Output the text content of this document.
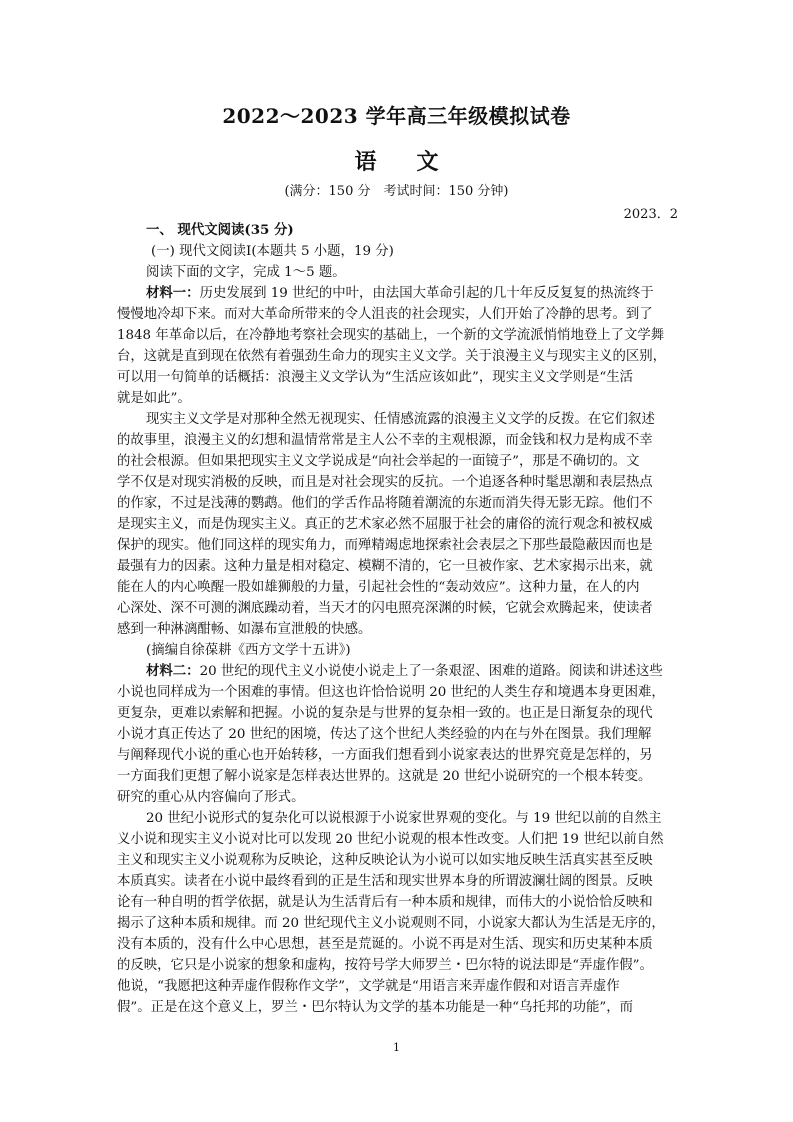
2022～2023 学年高三年级模拟试卷
语文
(满分：150 分　考试时间：150 分钟)
2023．2
一、 现代文阅读(35 分)
(一) 现代文阅读Ⅰ(本题共 5 小题，19 分)
阅读下面的文字，完成 1～5 题。
材料一：历史发展到 19 世纪的中叶，由法国大革命引起的几十年反反复复的热流终于
慢慢地冷却下来。而对大革命所带来的令人沮丧的社会现实，人们开始了冷静的思考。到了
1848 年革命以后，在冷静地考察社会现实的基础上，一个新的文学流派悄悄地登上了文学舞
台，这就是直到现在依然有着强劲生命力的现实主义文学。关于浪漫主义与现实主义的区别，
可以用一句简单的话概括：浪漫主义文学认为“生活应该如此”，现实主义文学则是“生活
就是如此”。
现实主义文学是对那种全然无视现实、任情感流露的浪漫主义文学的反拨。在它们叙述
的故事里，浪漫主义的幻想和温情常常是主人公不幸的主观根源，而金钱和权力是构成不幸
的社会根源。但如果把现实主义文学说成是“向社会举起的一面镜子”，那是不确切的。文
学不仅是对现实消极的反映，而且是对社会现实的反抗。一个追逐各种时髦思潮和表层热点
的作家，不过是浅薄的鹦鹉。他们的学舌作品将随着潮流的东逝而消失得无影无踪。他们不
是现实主义，而是伪现实主义。真正的艺术家必然不屈服于社会的庸俗的流行观念和被权威
保护的现实。他们同这样的现实角力，而殚精竭虑地探索社会表层之下那些最隐蔽因而也是
最强有力的因素。这种力量是相对稳定、模糊不清的，它一旦被作家、艺术家揭示出来，就
能在人的内心唤醒一股如雄狮般的力量，引起社会性的“轰动效应”。这种力量，在人的内
心深处、深不可测的渊底躁动着，当天才的闪电照亮深渊的时候，它就会欢腾起来，使读者
感到一种淋漓酣畅、如瀑布宣泄般的快感。
(摘编自徐葆耕《西方文学十五讲》)
材料二：20 世纪的现代主义小说使小说走上了一条艰涩、困难的道路。阅读和讲述这些
小说也同样成为一个困难的事情。但这也许恰恰说明 20 世纪的人类生存和境遇本身更困难，
更复杂，更难以索解和把握。小说的复杂是与世界的复杂相一致的。也正是日渐复杂的现代
小说才真正传达了 20 世纪的困境，传达了这个世纪人类经验的内在与外在图景。我们理解
与阐释现代小说的重心也开始转移，一方面我们想看到小说家表达的世界究竟是怎样的，另
一方面我们更想了解小说家是怎样表达世界的。这就是 20 世纪小说研究的一个根本转变。
研究的重心从内容偏向了形式。
20 世纪小说形式的复杂化可以说根源于小说家世界观的变化。与 19 世纪以前的自然主
义小说和现实主义小说对比可以发现 20 世纪小说观的根本性改变。人们把 19 世纪以前自然
主义和现实主义小说观称为反映论，这种反映论认为小说可以如实地反映生活真实甚至反映
本质真实。读者在小说中最终看到的正是生活和现实世界本身的所谓波澜壮阔的图景。反映
论有一种自明的哲学依据，就是认为生活背后有一种本质和规律，而伟大的小说恰恰反映和
揭示了这种本质和规律。而 20 世纪现代主义小说观则不同，小说家大都认为生活是无序的，
没有本质的，没有什么中心思想，甚至是荒诞的。小说不再是对生活、现实和历史某种本质
的反映，它只是小说家的想象和虚构，按符号学大师罗兰・巴尔特的说法即是“弄虚作假”。
他说，“我愿把这种弄虚作假称作文学”，文学就是“用语言来弄虚作假和对语言弄虚作
假”。正是在这个意义上，罗兰・巴尔特认为文学的基本功能是一种“乌托邦的功能”，而
1
